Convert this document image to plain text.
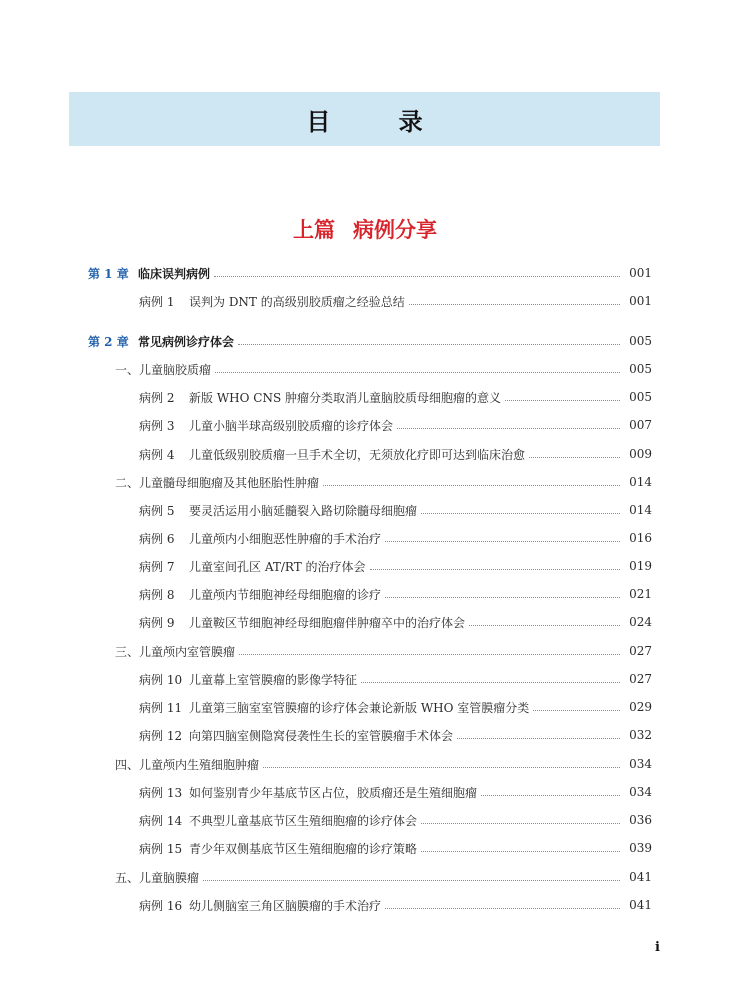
目 录
上篇 病例分享
第 1 章 临床误判病例	001
病例 1	误判为 DNT 的高级别胶质瘤之经验总结	001
第 2 章 常见病例诊疗体会	005
一、儿童脑胶质瘤	005
病例 2	新版 WHO CNS 肿瘤分类取消儿童脑胶质母细胞瘤的意义	005
病例 3	儿童小脑半球高级别胶质瘤的诊疗体会	007
病例 4	儿童低级别胶质瘤一旦手术全切，无须放化疗即可达到临床治愈	009
二、儿童髓母细胞瘤及其他胚胎性肿瘤	014
病例 5	要灵活运用小脑延髓裂入路切除髓母细胞瘤	014
病例 6	儿童颅内小细胞恶性肿瘤的手术治疗	016
病例 7	儿童室间孔区 AT/RT 的治疗体会	019
病例 8	儿童颅内节细胞神经母细胞瘤的诊疗	021
病例 9	儿童鞍区节细胞神经母细胞瘤伴肿瘤卒中的治疗体会	024
三、儿童颅内室管膜瘤	027
病例 10 儿童幕上室管膜瘤的影像学特征	027
病例 11 儿童第三脑室室管膜瘤的诊疗体会兼论新版 WHO 室管膜瘤分类	029
病例 12 向第四脑室侧隐窝侵袭性生长的室管膜瘤手术体会	032
四、儿童颅内生殖细胞肿瘤	034
病例 13 如何鉴别青少年基底节区占位，胶质瘤还是生殖细胞瘤	034
病例 14 不典型儿童基底节区生殖细胞瘤的诊疗体会	036
病例 15 青少年双侧基底节区生殖细胞瘤的诊疗策略	039
五、儿童脑膜瘤	041
病例 16 幼儿侧脑室三角区脑膜瘤的手术治疗	041
i
